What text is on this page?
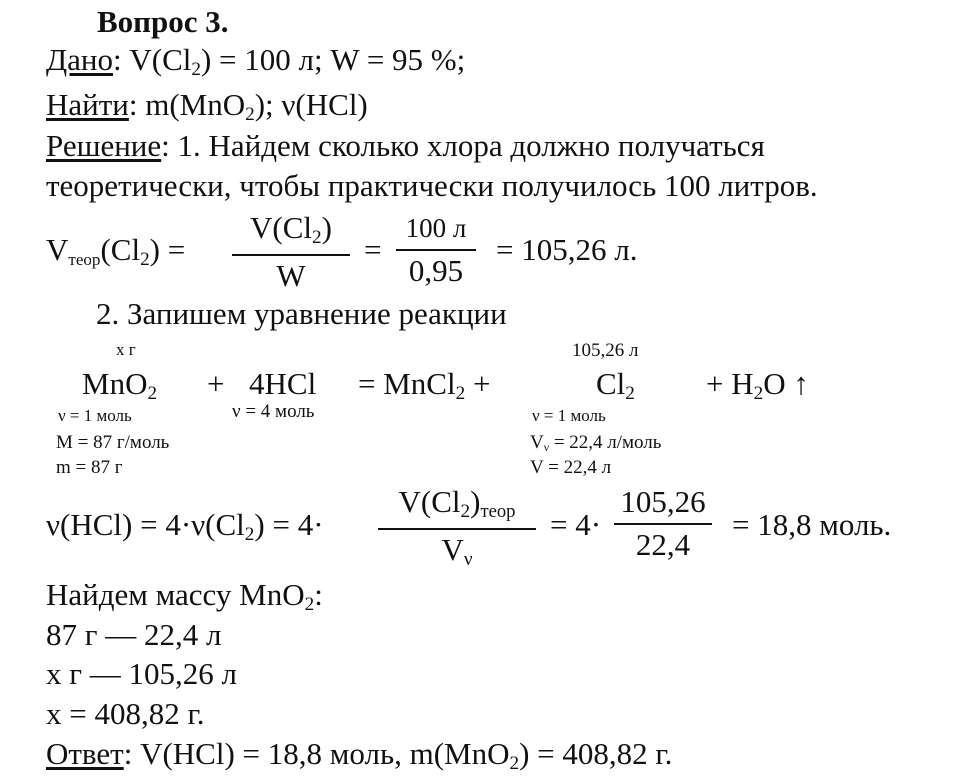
Вопрос 3.
Дано: V(Cl2) = 100 л; W = 95 %;
Найти: m(MnO2); ν(HCl)
Решение: 1. Найдем сколько хлора должно получаться
теоретически, чтобы практически получилось 100 литров.
Vтеор(Cl2) =
V(Cl2)
W
=
100 л
0,95
= 105,26 л.
2. Запишем уравнение реакции
х г	105,26 л
MnO2 + 4HCl = MnCl2 +	Cl2 + H2O ↑
ν = 1 моль	ν = 4 моль	ν = 1 моль
M = 87 г/моль	Vν = 22,4 л/моль
m = 87 г	V = 22,4 л
ν(HCl) = 4·ν(Cl2) = 4·
V(Cl2)теор
Vν
= 4·
105,26
22,4
= 18,8 моль.
Найдем массу MnO2:
87 г — 22,4 л
х г — 105,26 л
х = 408,82 г.
Ответ: V(HCl) = 18,8 моль, m(MnO2) = 408,82 г.
